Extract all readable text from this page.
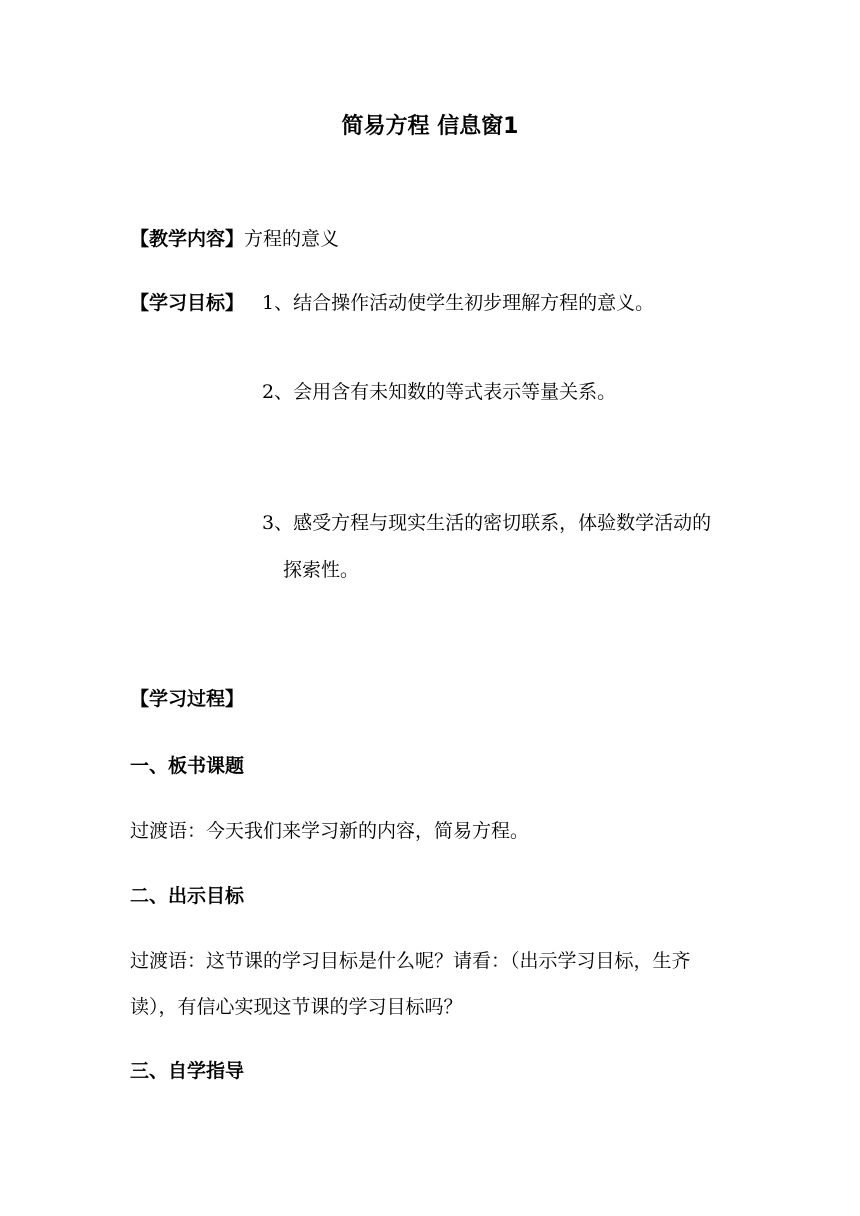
简易方程 信息窗1
【教学内容】方程的意义
【学习目标】 1、结合操作活动使学生初步理解方程的意义。
2、会用含有未知数的等式表示等量关系。
3、感受方程与现实生活的密切联系，体验数学活动的
探索性。
【学习过程】
一、板书课题
过渡语：今天我们来学习新的内容，简易方程。
二、出示目标
过渡语：这节课的学习目标是什么呢？请看：（出示学习目标，生齐
读），有信心实现这节课的学习目标吗？
三、自学指导
